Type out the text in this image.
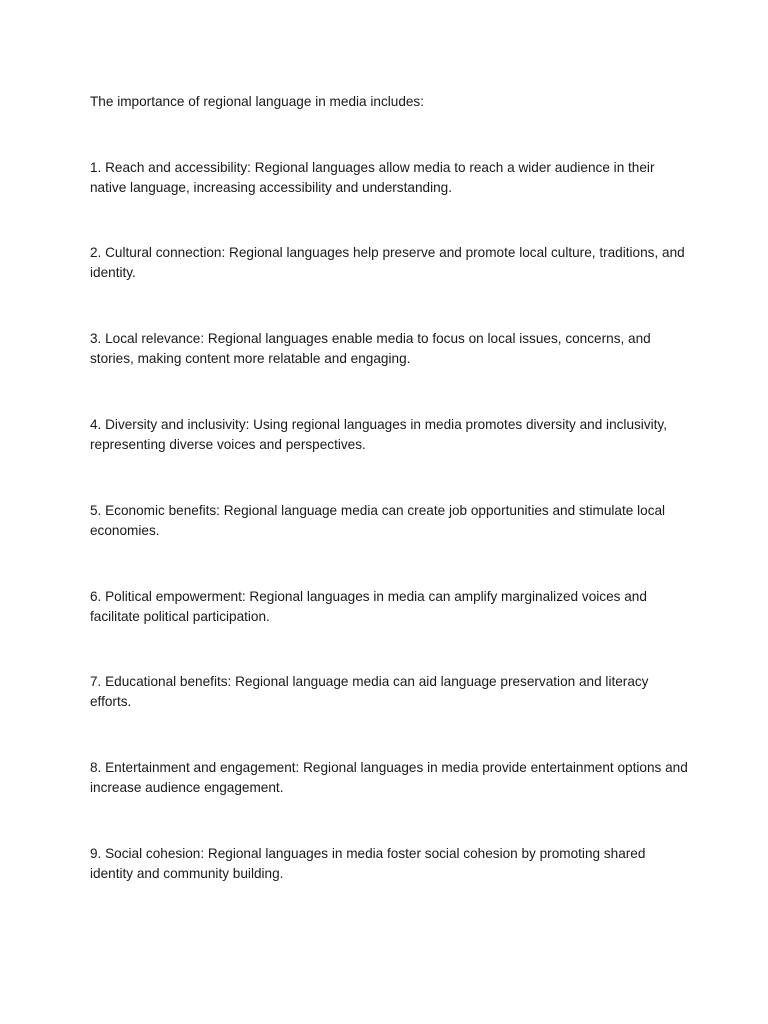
The importance of regional language in media includes:

1. Reach and accessibility: Regional languages allow media to reach a wider audience in their native language, increasing accessibility and understanding.

2. Cultural connection: Regional languages help preserve and promote local culture, traditions, and identity.

3. Local relevance: Regional languages enable media to focus on local issues, concerns, and stories, making content more relatable and engaging.

4. Diversity and inclusivity: Using regional languages in media promotes diversity and inclusivity, representing diverse voices and perspectives.

5. Economic benefits: Regional language media can create job opportunities and stimulate local economies.

6. Political empowerment: Regional languages in media can amplify marginalized voices and facilitate political participation.

7. Educational benefits: Regional language media can aid language preservation and literacy efforts.

8. Entertainment and engagement: Regional languages in media provide entertainment options and increase audience engagement.

9. Social cohesion: Regional languages in media foster social cohesion by promoting shared identity and community building.
